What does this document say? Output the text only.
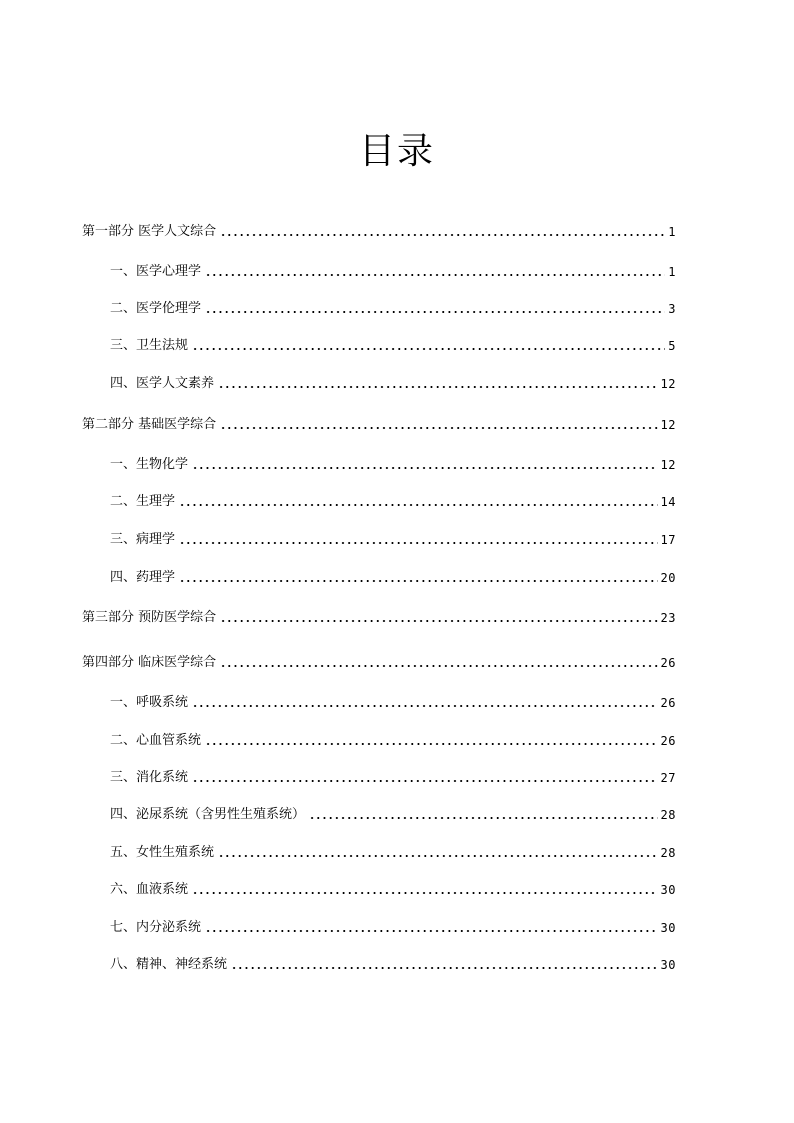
目录
第一部分 医学人文综合	1
一、医学心理学	1
二、医学伦理学	3
三、卫生法规	5
四、医学人文素养	12
第二部分 基础医学综合	12
一、生物化学	12
二、生理学	14
三、病理学	17
四、药理学	20
第三部分 预防医学综合	23
第四部分 临床医学综合	26
一、呼吸系统	26
二、心血管系统	26
三、消化系统	27
四、泌尿系统（含男性生殖系统）	28
五、女性生殖系统	28
六、血液系统	30
七、内分泌系统	30
八、精神、神经系统	30
